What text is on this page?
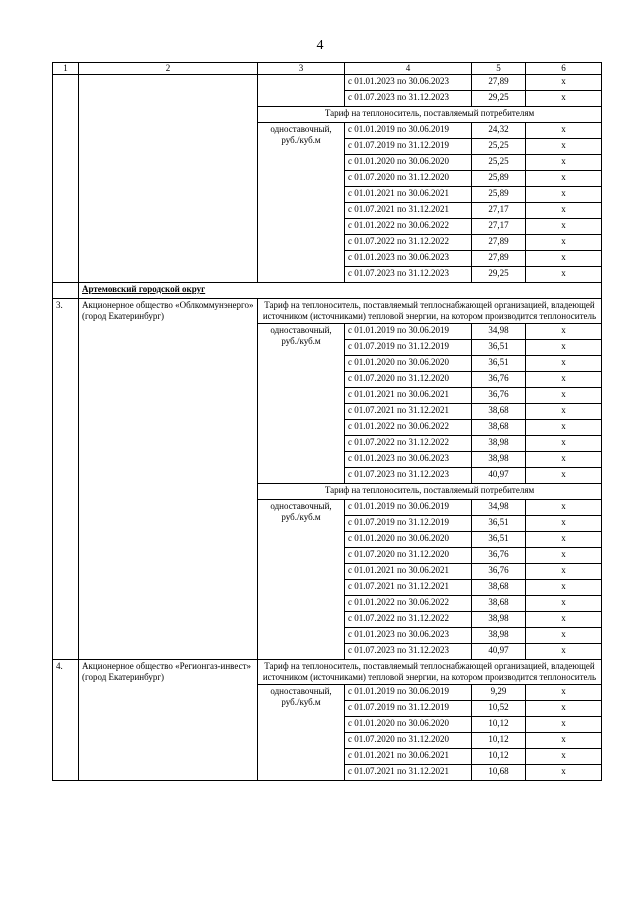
4
1	2	3	4	5	6
			с 01.01.2023 по 30.06.2023	27,89	х
			с 01.07.2023 по 31.12.2023	29,25	х
		Тариф на теплоноситель, поставляемый потребителям			
		одноставочный, руб./куб.м	с 01.01.2019 по 30.06.2019	24,32	х
			с 01.07.2019 по 31.12.2019	25,25	х
			с 01.01.2020 по 30.06.2020	25,25	х
			с 01.07.2020 по 31.12.2020	25,89	х
			с 01.01.2021 по 30.06.2021	25,89	х
			с 01.07.2021 по 31.12.2021	27,17	х
			с 01.01.2022 по 30.06.2022	27,17	х
			с 01.07.2022 по 31.12.2022	27,89	х
			с 01.01.2023 по 30.06.2023	27,89	х
			с 01.07.2023 по 31.12.2023	29,25	х
	Артемовский городской округ				
3.	Акционерное общество «Облкоммунэнерго» (город Екатеринбург)	Тариф на теплоноситель, поставляемый теплоснабжающей организацией, владеющей источником (источниками) тепловой энергии, на котором производится теплоноситель			
		одноставочный, руб./куб.м	с 01.01.2019 по 30.06.2019	34,98	х
			с 01.07.2019 по 31.12.2019	36,51	х
			с 01.01.2020 по 30.06.2020	36,51	х
			с 01.07.2020 по 31.12.2020	36,76	х
			с 01.01.2021 по 30.06.2021	36,76	х
			с 01.07.2021 по 31.12.2021	38,68	х
			с 01.01.2022 по 30.06.2022	38,68	х
			с 01.07.2022 по 31.12.2022	38,98	х
			с 01.01.2023 по 30.06.2023	38,98	х
			с 01.07.2023 по 31.12.2023	40,97	х
		Тариф на теплоноситель, поставляемый потребителям			
		одноставочный, руб./куб.м	с 01.01.2019 по 30.06.2019	34,98	х
			с 01.07.2019 по 31.12.2019	36,51	х
			с 01.01.2020 по 30.06.2020	36,51	х
			с 01.07.2020 по 31.12.2020	36,76	х
			с 01.01.2021 по 30.06.2021	36,76	х
			с 01.07.2021 по 31.12.2021	38,68	х
			с 01.01.2022 по 30.06.2022	38,68	х
			с 01.07.2022 по 31.12.2022	38,98	х
			с 01.01.2023 по 30.06.2023	38,98	х
			с 01.07.2023 по 31.12.2023	40,97	х
4.	Акционерное общество «Регионгаз-инвест» (город Екатеринбург)	Тариф на теплоноситель, поставляемый теплоснабжающей организацией, владеющей источником (источниками) тепловой энергии, на котором производится теплоноситель			
		одноставочный, руб./куб.м	с 01.01.2019 по 30.06.2019	9,29	х
			с 01.07.2019 по 31.12.2019	10,52	х
			с 01.01.2020 по 30.06.2020	10,12	х
			с 01.07.2020 по 31.12.2020	10,12	х
			с 01.01.2021 по 30.06.2021	10,12	х
			с 01.07.2021 по 31.12.2021	10,68	х
